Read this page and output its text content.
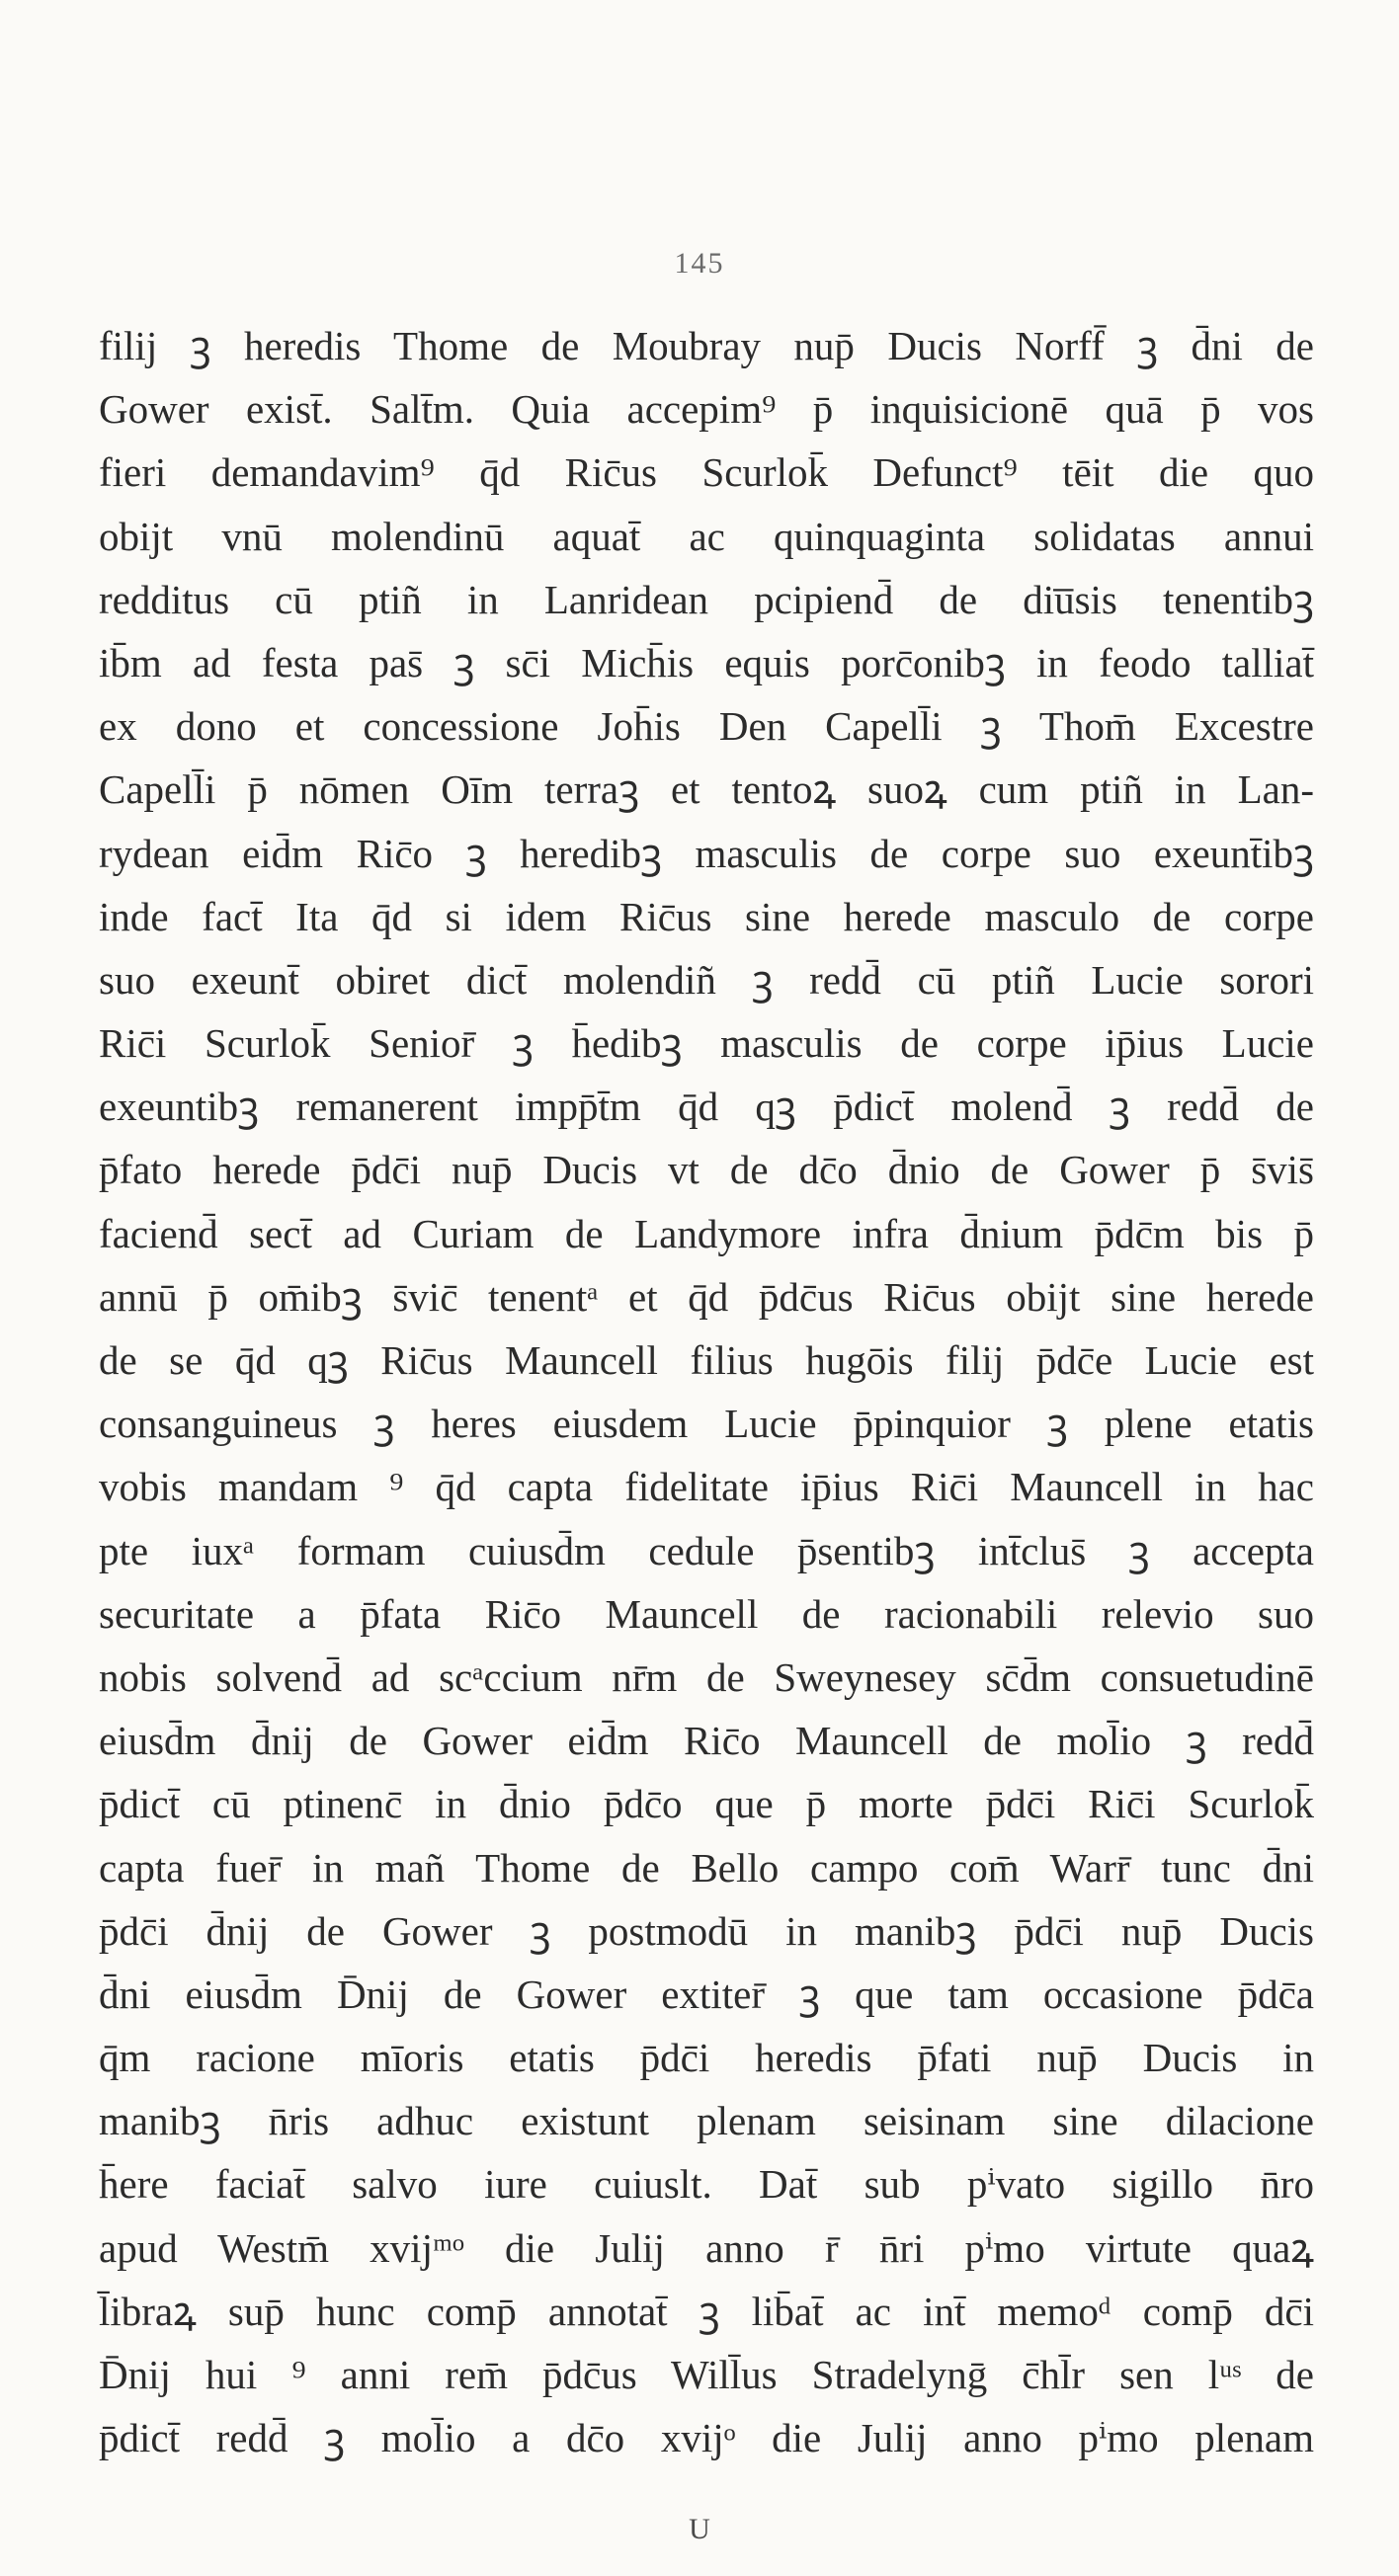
145
filij ꝫ heredis Thome de Moubray nup̄ Ducis Norff̄ ꝫ d̄ni de
Gower exist̄. Salt̄m. Quia accepim⁹ p̄ inquisicionē quā p̄ vos
fieri demandavim⁹ q̄d Ric̄us Scurlok̄ Defunct⁹ tēit die quo
obijt vnū molendinū aquat̄ ac quinquaginta solidatas annui
redditus cū ptiñ in Lanridean pcipiend̄ de diu̅sis tenentibꝫ
ib̄m ad festa pas̄ ꝫ sc̄i Mich̄is equis porc̄onibꝫ in feodo talliat̄
ex dono et concessione Joh̄is Den Capell̄i ꝫ Thom̄ Excestre
Capell̄i p̄ nōmen Oīm terraꝫ et tentoꝝ suoꝝ cum ptiñ in Lan-
rydean eid̄m Ric̄o ꝫ heredibꝫ masculis de corpe suo exeunt̄ibꝫ
inde fact̄ Ita q̄d si idem Ric̄us sine herede masculo de corpe
suo exeunt̄ obiret dict̄ molendiñ ꝫ redd̄ cū ptiñ Lucie sorori
Ric̄i Scurlok̄ Senior̄ ꝫ h̄edibꝫ masculis de corpe ip̄ius Lucie
exeuntibꝫ remanerent impp̄t̄m q̄d qꝫ p̄dict̄ molend̄ ꝫ redd̄ de
p̄fato herede p̄dc̄i nup̄ Ducis vt de dc̄o d̄nio de Gower p̄ s̄vis̄
faciend̄ sect̄ ad Curiam de Landymore infra d̄nium p̄dc̄m bis p̄
annū p̄ om̄ibꝫ s̄vic̄ tenentᵃ et q̄d p̄dc̄us Ric̄us obijt sine herede
de se q̄d qꝫ Ric̄us Mauncell filius hugōis filij p̄dc̄e Lucie est
consanguineus ꝫ heres eiusdem Lucie p̄pinquior ꝫ plene etatis
vobis mandam ⁹ q̄d capta fidelitate ip̄ius Ric̄i Mauncell in hac
pte iuxᵃ formam cuiusd̄m cedule p̄sentibꝫ int̄clus̄ ꝫ accepta
securitate a p̄fata Ric̄o Mauncell de racionabili relevio suo
nobis solvend̄ ad scᵃccium nr̄m de Sweynesey sc̄d̄m consuetudinē
eiusd̄m d̄nij de Gower eid̄m Ric̄o Mauncell de mol̄io ꝫ redd̄
p̄dict̄ cū ptinenc̄ in d̄nio p̄dc̄o que p̄ morte p̄dc̄i Ric̄i Scurlok̄
capta fuer̄ in mañ Thome de Bello campo com̄ Warr̄ tunc d̄ni
p̄dc̄i d̄nij de Gower ꝫ postmodū in manibꝫ p̄dc̄i nup̄ Ducis
d̄ni eiusd̄m D̄nij de Gower extiter̄ ꝫ que tam occasione p̄dc̄a
q̄m racione mīoris etatis p̄dc̄i heredis p̄fati nup̄ Ducis in
manibꝫ n̄ris adhuc existunt plenam seisinam sine dilacione
h̄ere faciat̄ salvo iure cuiuslt. Dat̄ sub pⁱvato sigillo n̄ro
apud Westm̄ xvijᵐᵒ die Julij anno r̄ n̄ri pⁱmo virtute quaꝝ
l̄ibraꝝ sup̄ hunc comp̄ annotat̄ ꝫ lib̄at̄ ac int̄ memoᵈ comp̄ dc̄i
D̄nij hui ⁹ anni rem̄ p̄dc̄us Will̄us Stradelynḡ c̄hl̄r sen lᵘˢ de
p̄dict̄ redd̄ ꝫ mol̄io a dc̄o xvijᵒ die Julij anno pⁱmo plenam
U
